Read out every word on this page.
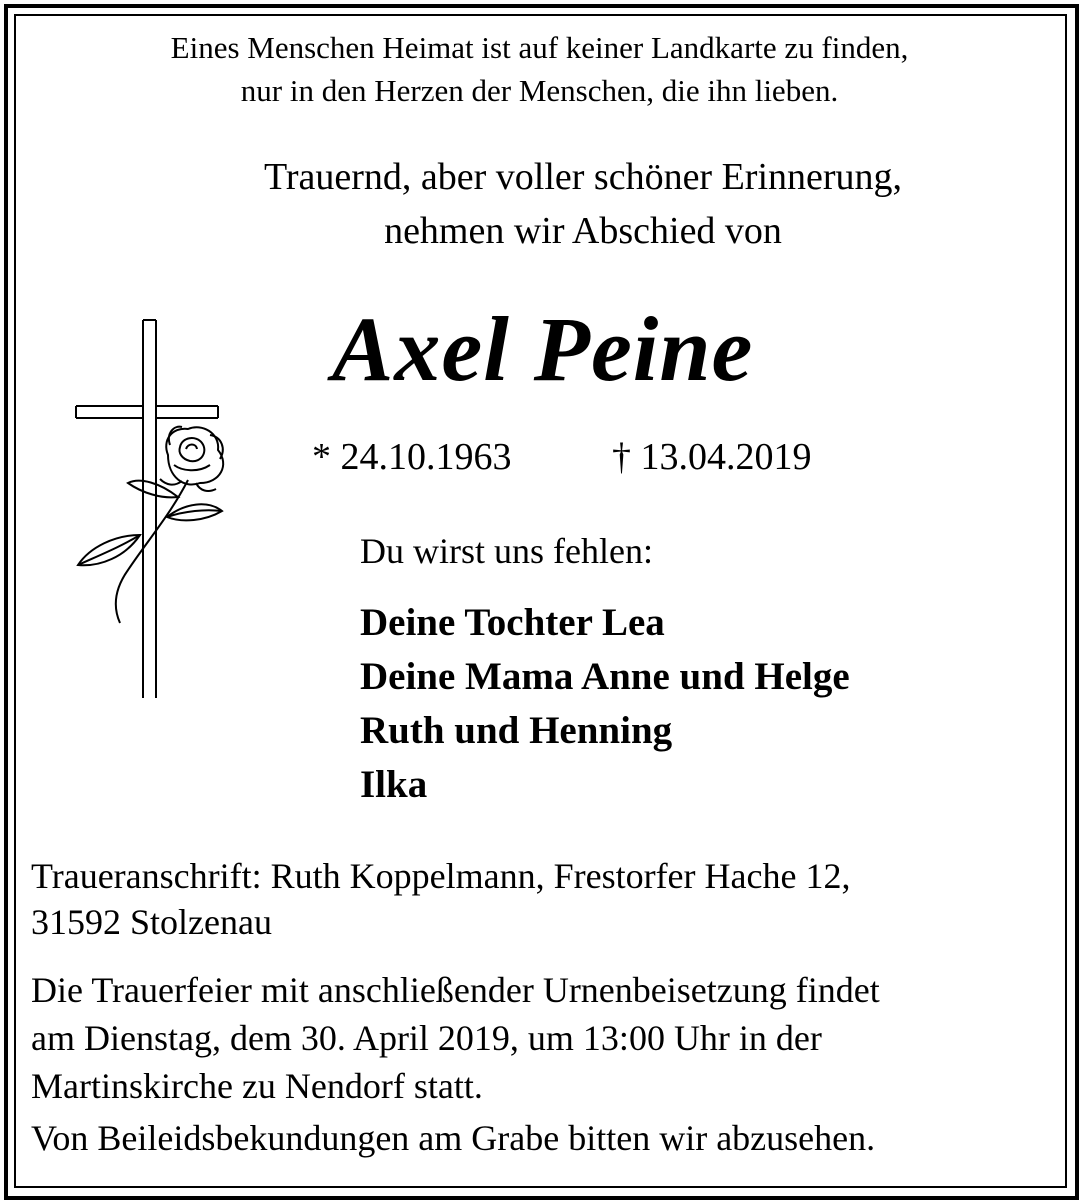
Eines Menschen Heimat ist auf keiner Landkarte zu finden,
nur in den Herzen der Menschen, die ihn lieben.
Trauernd, aber voller schöner Erinnerung,
nehmen wir Abschied von
Axel Peine
* 24.10.1963	† 13.04.2019
Du wirst uns fehlen:
Deine Tochter Lea
Deine Mama Anne und Helge
Ruth und Henning
Ilka
Traueranschrift: Ruth Koppelmann, Frestorfer Hache 12,
31592 Stolzenau
Die Trauerfeier mit anschließender Urnenbeisetzung findet
am Dienstag, dem 30. April 2019, um 13:00 Uhr in der
Martinskirche zu Nendorf statt.
Von Beileidsbekundungen am Grabe bitten wir abzusehen.
